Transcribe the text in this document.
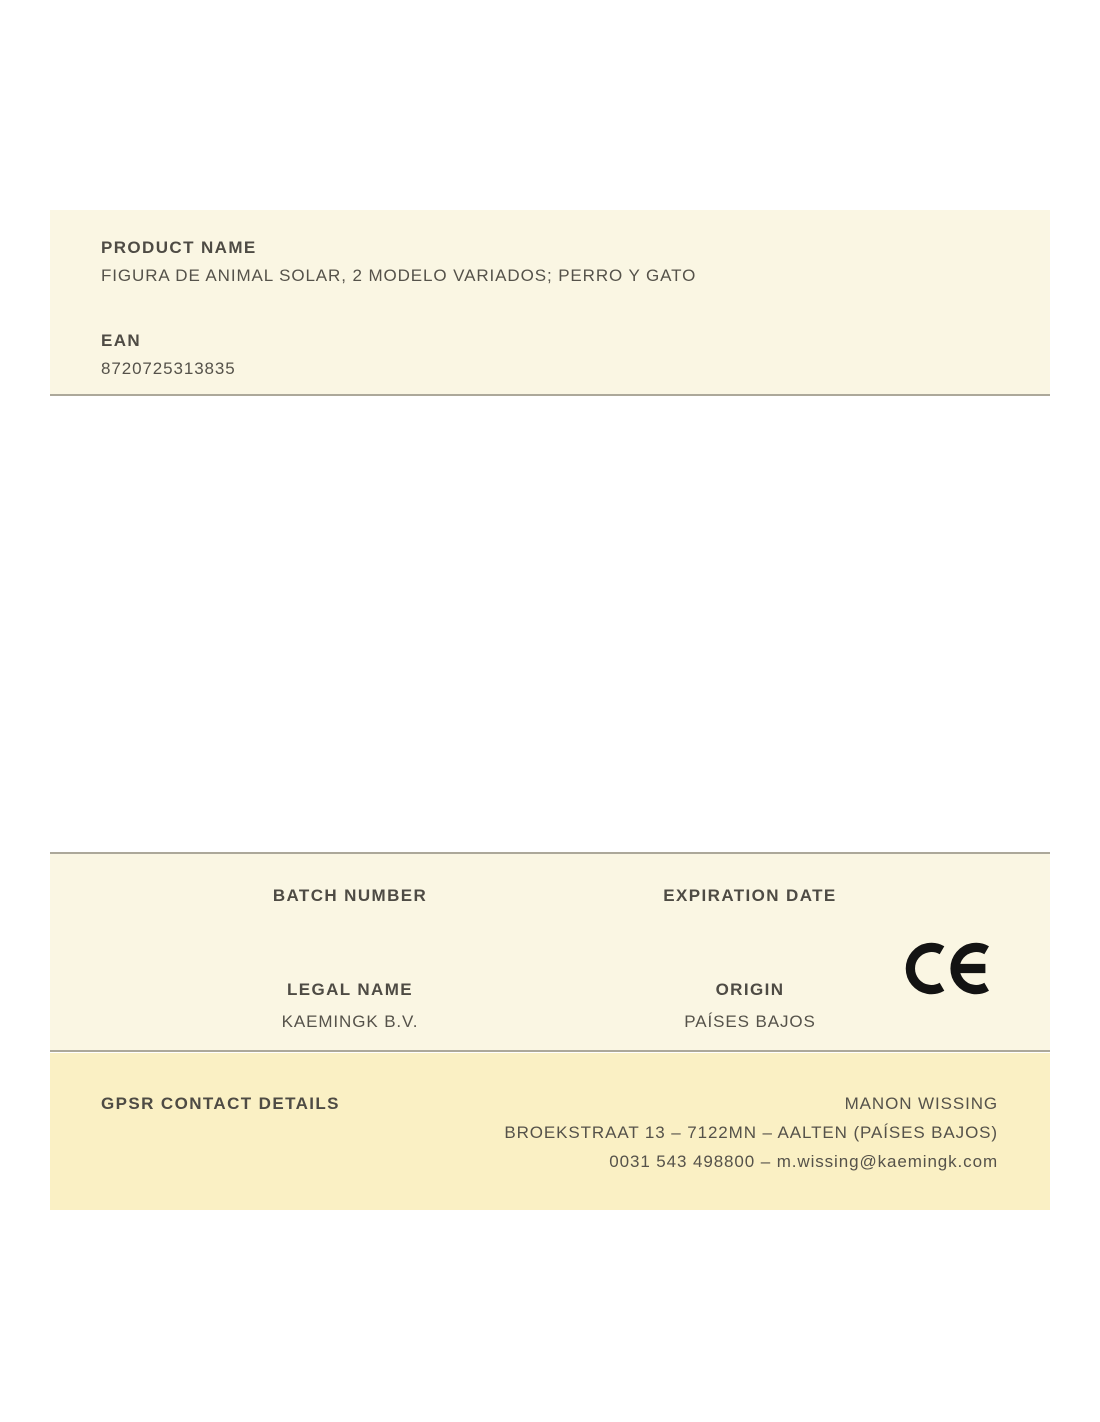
PRODUCT NAME
FIGURA DE ANIMAL SOLAR, 2 MODELO VARIADOS; PERRO Y GATO
EAN
8720725313835
BATCH NUMBER
LEGAL NAME
KAEMINGK B.V.
EXPIRATION DATE
ORIGIN
PAÍSES BAJOS
GPSR CONTACT DETAILS	MANON WISSING
BROEKSTRAAT 13 – 7122MN – AALTEN (PAÍSES BAJOS)
0031 543 498800 – m.wissing@kaemingk.com
